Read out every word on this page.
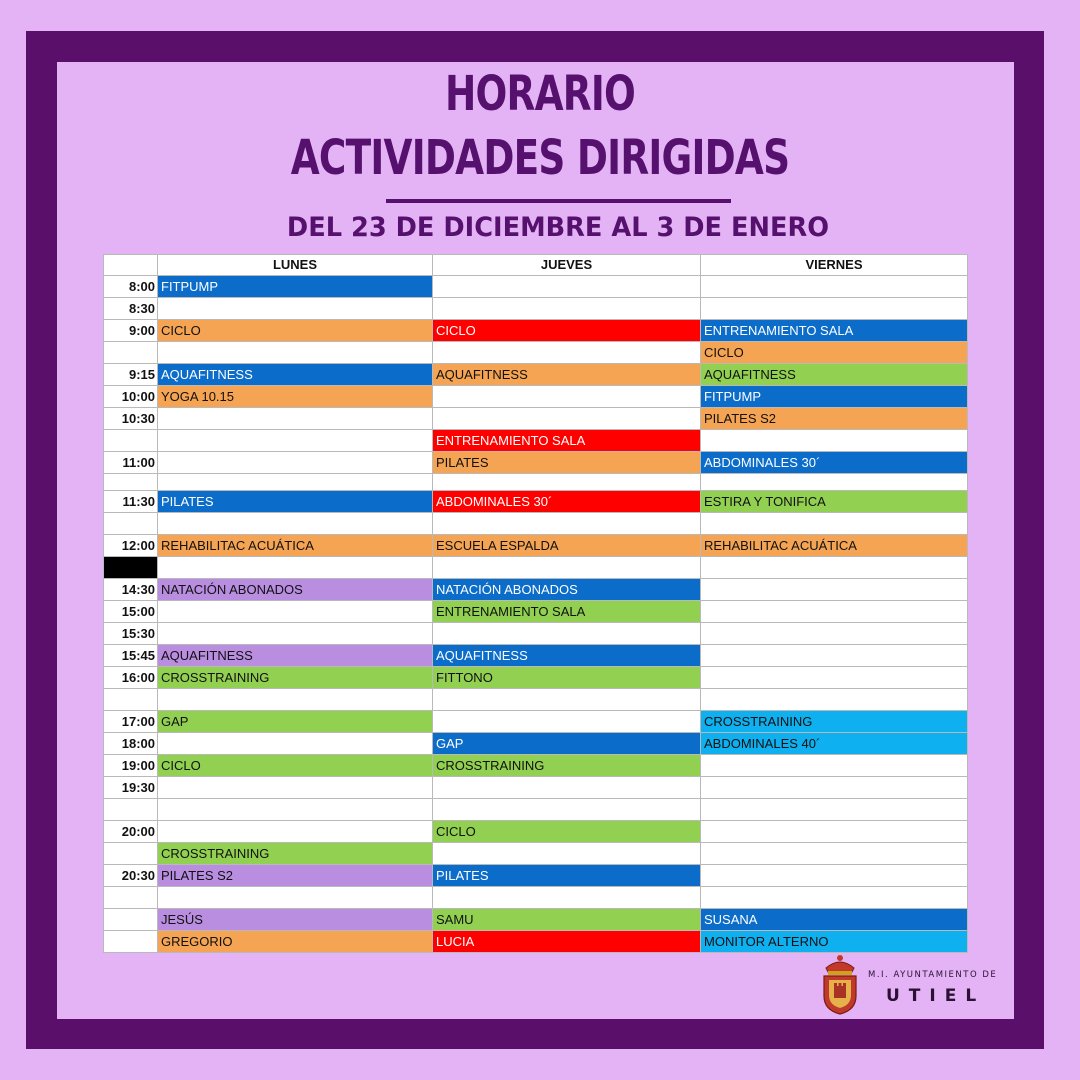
HORARIO
ACTIVIDADES DIRIGIDAS
DEL 23 DE DICIEMBRE AL 3 DE ENERO
	LUNES	JUEVES	VIERNES
8:00	FITPUMP		
8:30			
9:00	CICLO	CICLO	ENTRENAMIENTO SALA
			CICLO
9:15	AQUAFITNESS	AQUAFITNESS	AQUAFITNESS
10:00	YOGA 10.15		FITPUMP
10:30			PILATES S2
		ENTRENAMIENTO SALA	
11:00		PILATES	ABDOMINALES 30´

11:30	PILATES	ABDOMINALES 30´	ESTIRA Y TONIFICA

12:00	REHABILITAC ACUÁTICA	ESCUELA ESPALDA	REHABILITAC ACUÁTICA

14:30	NATACIÓN ABONADOS	NATACIÓN ABONADOS	
15:00		ENTRENAMIENTO SALA	
15:30			
15:45	AQUAFITNESS	AQUAFITNESS	
16:00	CROSSTRAINING	FITTONO	

17:00	GAP		CROSSTRAINING
18:00		GAP	ABDOMINALES 40´
19:00	CICLO	CROSSTRAINING	
19:30			

20:00		CICLO	
	CROSSTRAINING		
20:30	PILATES S2	PILATES	

	JESÚS	SAMU	SUSANA
	GREGORIO	LUCIA	MONITOR ALTERNO
M.I. AYUNTAMIENTO DE
UTIEL
